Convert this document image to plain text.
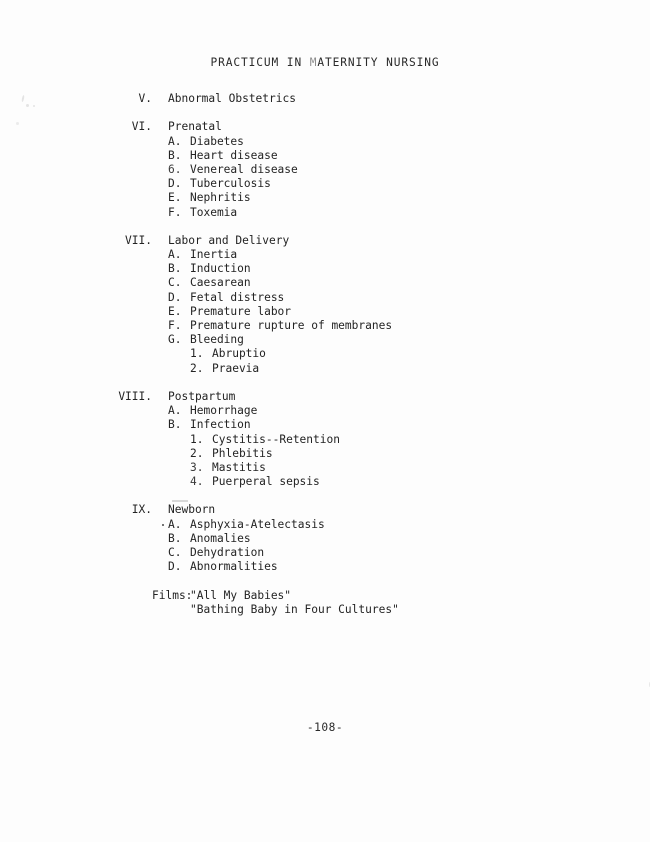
PRACTICUM IN MATERNITY NURSING

V.

Abnormal Obstetrics

VI.

Prenatal

A.

Diabetes

B.

Heart disease

6.

Venereal disease

D.

Tuberculosis

E.

Nephritis

F.

Toxemia

VII.

Labor and Delivery

A.

Inertia

B.

Induction

C.

Caesarean

D.

Fetal distress

E.

Premature labor

F.

Premature rupture of membranes

G.

Bleeding

1.

Abruptio

2.

Praevia

VIII.

Postpartum

A.

Hemorrhage

B.

Infection

1.

Cystitis--Retention

2.

Phlebitis

3.

Mastitis

4.

Puerperal sepsis

IX.

Newborn

A.

Asphyxia-Atelectasis

B.

Anomalies

C.

Dehydration

D.

Abnormalities

Films:

"All My Babies"

"Bathing Baby in Four Cultures"

-108-
